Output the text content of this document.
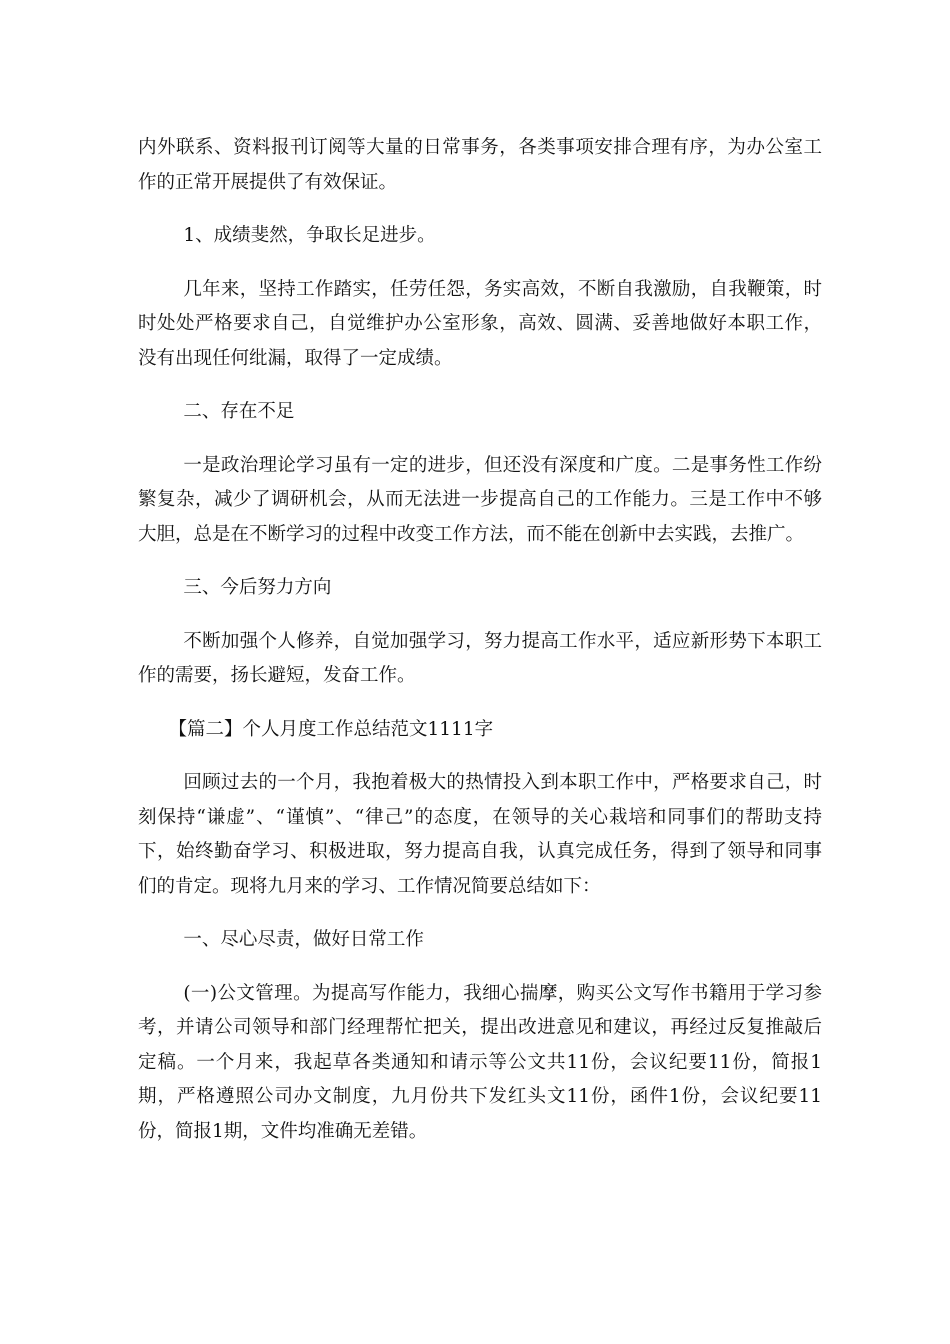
内外联系、资料报刊订阅等大量的日常事务，各类事项安排合理有序，为办公室工作的正常开展提供了有效保证。

1、成绩斐然，争取长足进步。

几年来，坚持工作踏实，任劳任怨，务实高效，不断自我激励，自我鞭策，时时处处严格要求自己，自觉维护办公室形象，高效、圆满、妥善地做好本职工作，没有出现任何纰漏，取得了一定成绩。

二、存在不足

一是政治理论学习虽有一定的进步，但还没有深度和广度。二是事务性工作纷繁复杂，减少了调研机会，从而无法进一步提高自己的工作能力。三是工作中不够大胆，总是在不断学习的过程中改变工作方法，而不能在创新中去实践，去推广。

三、今后努力方向

不断加强个人修养，自觉加强学习，努力提高工作水平，适应新形势下本职工作的需要，扬长避短，发奋工作。

【篇二】个人月度工作总结范文1111字

回顾过去的一个月，我抱着极大的热情投入到本职工作中，严格要求自己，时刻保持“谦虚”、“谨慎”、“律己”的态度，在领导的关心栽培和同事们的帮助支持下，始终勤奋学习、积极进取，努力提高自我，认真完成任务，得到了领导和同事们的肯定。现将九月来的学习、工作情况简要总结如下：

一、尽心尽责，做好日常工作

(一)公文管理。为提高写作能力，我细心揣摩，购买公文写作书籍用于学习参考，并请公司领导和部门经理帮忙把关，提出改进意见和建议，再经过反复推敲后定稿。一个月来，我起草各类通知和请示等公文共11份，会议纪要11份，简报1期，严格遵照公司办文制度，九月份共下发红头文11份，函件1份，会议纪要11份，简报1期，文件均准确无差错。
